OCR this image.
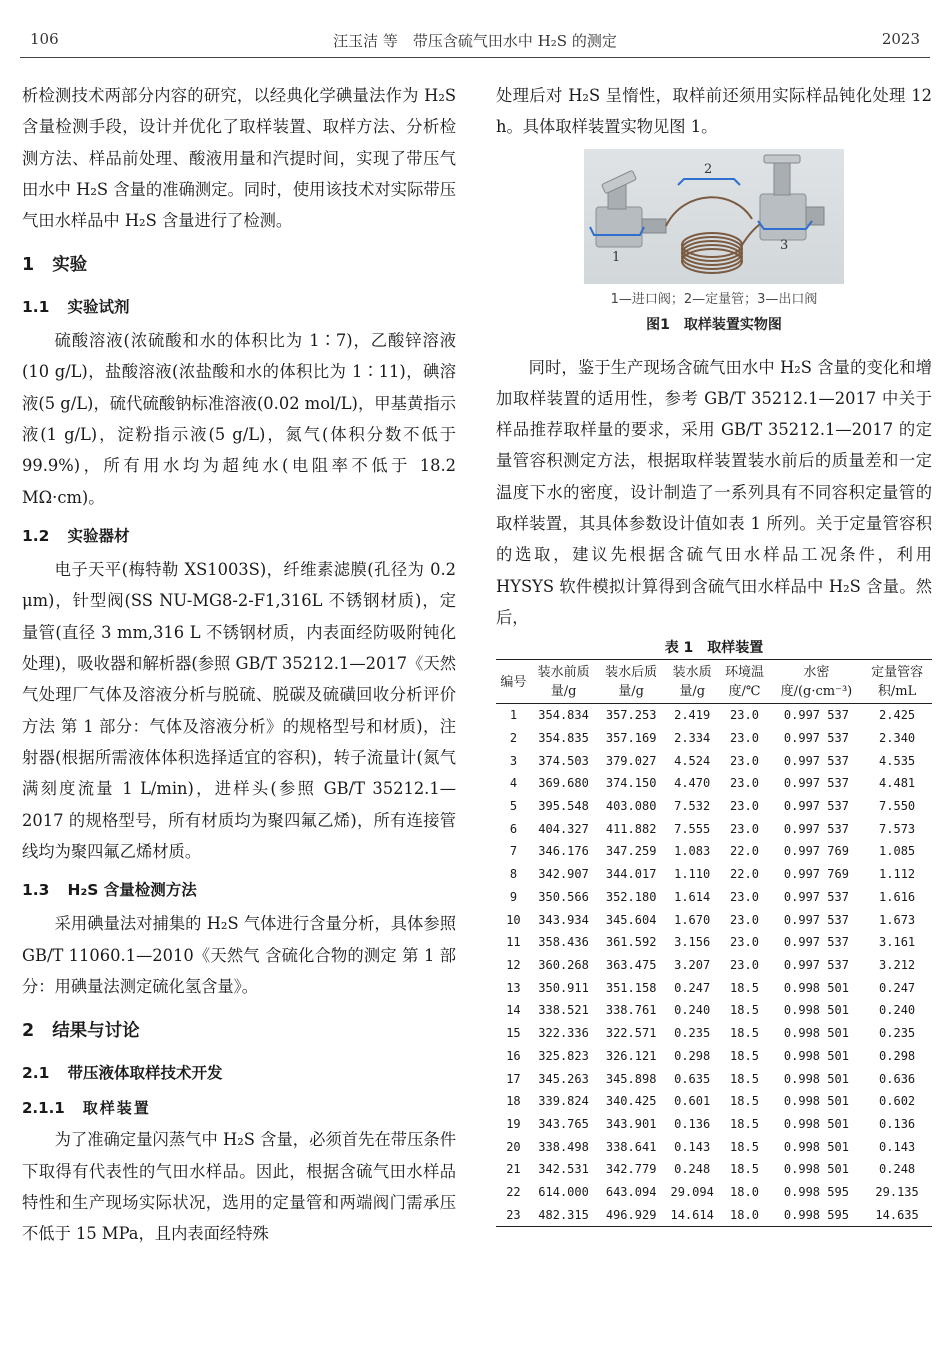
106	汪玉洁 等　带压含硫气田水中 H₂S 的测定	2023

析检测技术两部分内容的研究，以经典化学碘量法作为 H₂S 含量检测手段，设计并优化了取样装置、取样方法、分析检测方法、样品前处理、酸液用量和汽提时间，实现了带压气田水中 H₂S 含量的准确测定。同时，使用该技术对实际带压气田水样品中 H₂S 含量进行了检测。

1 实验
1.1 实验试剂

硫酸溶液(浓硫酸和水的体积比为 1∶7)，乙酸锌溶液(10 g/L)，盐酸溶液(浓盐酸和水的体积比为 1∶11)，碘溶液(5 g/L)，硫代硫酸钠标准溶液(0.02 mol/L)，甲基黄指示液(1 g/L)，淀粉指示液(5 g/L)，氮气(体积分数不低于 99.9%)，所有用水均为超纯水(电阻率不低于 18.2 MΩ·cm)。

1.2 实验器材

电子天平(梅特勒 XS1003S)，纤维素滤膜(孔径为 0.2 μm)，针型阀(SS NU-MG8-2-F1,316L 不锈钢材质)，定量管(直径 3 mm,316 L 不锈钢材质，内表面经防吸附钝化处理)，吸收器和解析器(参照 GB/T 35212.1—2017《天然气处理厂气体及溶液分析与脱硫、脱碳及硫磺回收分析评价方法 第 1 部分：气体及溶液分析》的规格型号和材质)，注射器(根据所需液体体积选择适宜的容积)，转子流量计(氮气满刻度流量 1 L/min)，进样头(参照 GB/T 35212.1—2017 的规格型号，所有材质均为聚四氟乙烯)，所有连接管线均为聚四氟乙烯材质。

1.3 H₂S 含量检测方法

采用碘量法对捕集的 H₂S 气体进行含量分析，具体参照 GB/T 11060.1—2010《天然气 含硫化合物的测定 第 1 部分：用碘量法测定硫化氢含量》。

2 结果与讨论
2.1 带压液体取样技术开发
2.1.1 取样装置

为了准确定量闪蒸气中 H₂S 含量，必须首先在带压条件下取得有代表性的气田水样品。因此，根据含硫气田水样品特性和生产现场实际状况，选用的定量管和两端阀门需承压不低于 15 MPa，且内表面经特殊

处理后对 H₂S 呈惰性，取样前还须用实际样品钝化处理 12 h。具体取样装置实物见图 1。

1
2
3
1—进口阀；2—定量管；3—出口阀
图1　取样装置实物图

同时，鉴于生产现场含硫气田水中 H₂S 含量的变化和增加取样装置的适用性，参考 GB/T 35212.1—2017 中关于样品推荐取样量的要求，采用 GB/T 35212.1—2017 的定量管容积测定方法，根据取样装置装水前后的质量差和一定温度下水的密度，设计制造了一系列具有不同容积定量管的取样装置，其具体参数设计值如表 1 所列。关于定量管容积的选取，建议先根据含硫气田水样品工况条件，利用 HYSYS 软件模拟计算得到含硫气田水样品中 H₂S 含量。然后，

表 1　取样装置
编号	装水前质量/g	装水后质量/g	装水质量/g	环境温度/℃	水密度/(g·cm⁻³)	定量管容积/mL
1	354.834	357.253	2.419	23.0	0.997 537	2.425
2	354.835	357.169	2.334	23.0	0.997 537	2.340
3	374.503	379.027	4.524	23.0	0.997 537	4.535
4	369.680	374.150	4.470	23.0	0.997 537	4.481
5	395.548	403.080	7.532	23.0	0.997 537	7.550
6	404.327	411.882	7.555	23.0	0.997 537	7.573
7	346.176	347.259	1.083	22.0	0.997 769	1.085
8	342.907	344.017	1.110	22.0	0.997 769	1.112
9	350.566	352.180	1.614	23.0	0.997 537	1.616
10	343.934	345.604	1.670	23.0	0.997 537	1.673
11	358.436	361.592	3.156	23.0	0.997 537	3.161
12	360.268	363.475	3.207	23.0	0.997 537	3.212
13	350.911	351.158	0.247	18.5	0.998 501	0.247
14	338.521	338.761	0.240	18.5	0.998 501	0.240
15	322.336	322.571	0.235	18.5	0.998 501	0.235
16	325.823	326.121	0.298	18.5	0.998 501	0.298
17	345.263	345.898	0.635	18.5	0.998 501	0.636
18	339.824	340.425	0.601	18.5	0.998 501	0.602
19	343.765	343.901	0.136	18.5	0.998 501	0.136
20	338.498	338.641	0.143	18.5	0.998 501	0.143
21	342.531	342.779	0.248	18.5	0.998 501	0.248
22	614.000	643.094	29.094	18.0	0.998 595	29.135
23	482.315	496.929	14.614	18.0	0.998 595	14.635
